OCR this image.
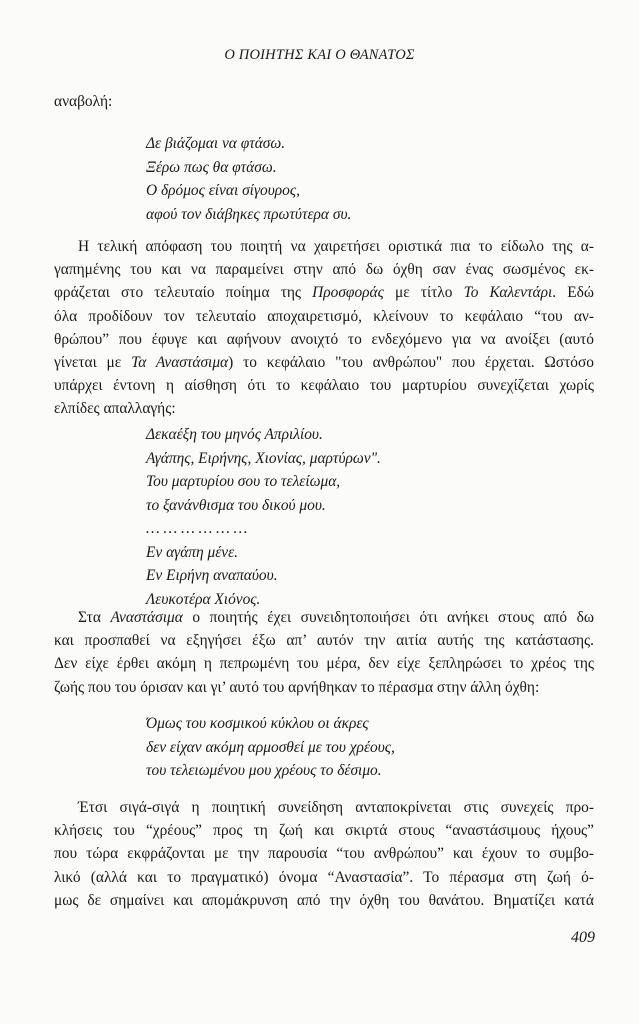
Ο ΠΟΙΗΤΗΣ ΚΑΙ Ο ΘΑΝΑΤΟΣ
αναβολή:
Δε βιάζομαι να φτάσω.
Ξέρω πως θα φτάσω.
Ο δρόμος είναι σίγουρος,
αφού τον διάβηκες πρωτύτερα συ.
Η τελική απόφαση του ποιητή να χαιρετήσει οριστικά πια το είδωλο της α-
γαπημένης του και να παραμείνει στην από δω όχθη σαν ένας σωσμένος εκ-
φράζεται στο τελευταίο ποίημα της Προσφοράς με τίτλο Το Καλεντάρι. Εδώ
όλα προδίδουν τον τελευταίο αποχαιρετισμό, κλείνουν το κεφάλαιο “του αν-
θρώπου” που έφυγε και αφήνουν ανοιχτό το ενδεχόμενο για να ανοίξει (αυτό
γίνεται με Τα Αναστάσιμα) το κεφάλαιο "του ανθρώπου" που έρχεται. Ωστόσο
υπάρχει έντονη η αίσθηση ότι το κεφάλαιο του μαρτυρίου συνεχίζεται χωρίς
ελπίδες απαλλαγής:
Δεκαέξη του μηνός Απριλίου.
Αγάπης, Ειρήνης, Χιονίας, μαρτύρων".
Του μαρτυρίου σου το τελείωμα,
το ξανάνθισμα του δικού μου.
… … … … … …
Εν αγάπη μένε.
Εν Ειρήνη αναπαύου.
Λευκοτέρα Χιόνος.
Στα Αναστάσιμα ο ποιητής έχει συνειδητοποιήσει ότι ανήκει στους από δω
και προσπαθεί να εξηγήσει έξω απ’ αυτόν την αιτία αυτής της κατάστασης.
Δεν είχε έρθει ακόμη η πεπρωμένη του μέρα, δεν είχε ξεπληρώσει το χρέος της
ζωής που του όρισαν και γι’ αυτό του αρνήθηκαν το πέρασμα στην άλλη όχθη:
Όμως του κοσμικού κύκλου οι άκρες
δεν είχαν ακόμη αρμοσθεί με του χρέους,
του τελειωμένου μου χρέους το δέσιμο.
Έτσι σιγά-σιγά η ποιητική συνείδηση ανταποκρίνεται στις συνεχείς προ-
κλήσεις του “χρέους” προς τη ζωή και σκιρτά στους “αναστάσιμους ήχους”
που τώρα εκφράζονται με την παρουσία “του ανθρώπου” και έχουν το συμβο-
λικό (αλλά και το πραγματικό) όνομα “Αναστασία”. Το πέρασμα στη ζωή ό-
μως δε σημαίνει και απομάκρυνση από την όχθη του θανάτου. Βηματίζει κατά
409
